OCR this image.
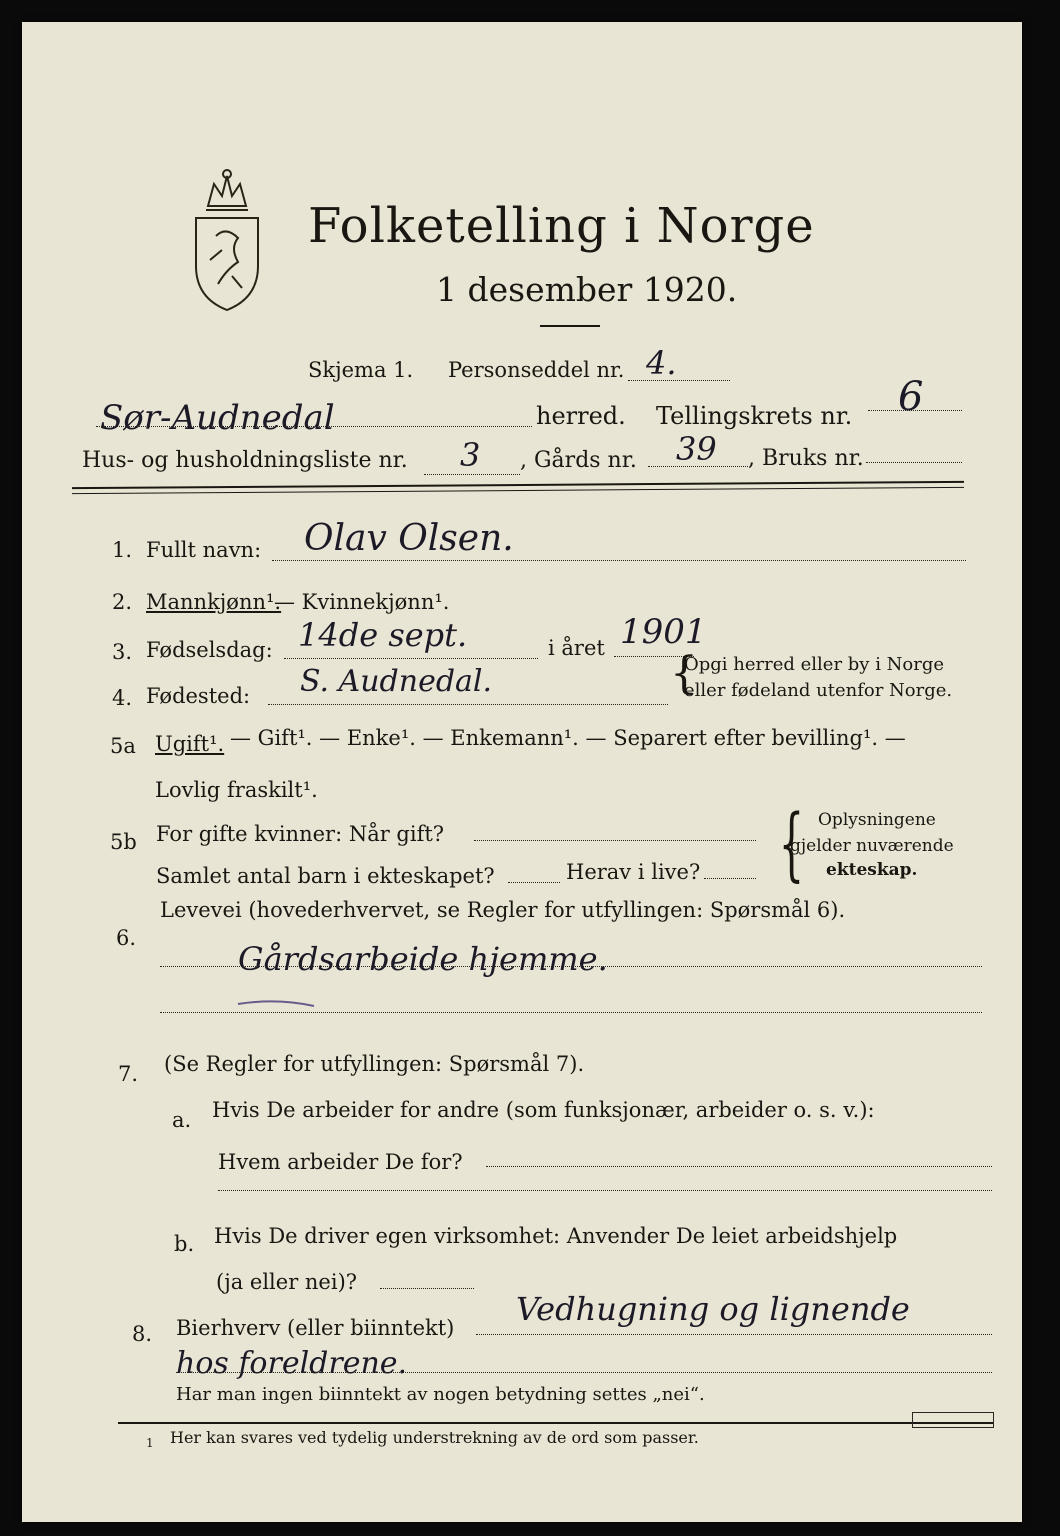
Folketelling i Norge
1 desember 1920.
Skjema 1. Personseddel nr. 4.
Sør-Audnedal	herred. Tellingskrets nr. 6
Hus- og husholdningsliste nr. 3 , Gårds nr. 39 , Bruks nr.
1. Fullt navn: Olav Olsen.
2. Mannkjønn¹.
— Kvinnekjønn¹.
3. Fødselsdag: 14de sept.	i året 1901
4. Fødested: S. Audnedal.	{
Opgi herred eller by i Norge
eller fødeland utenfor Norge.
5a Ugift¹. — Gift¹. — Enke¹. — Enkemann¹. — Separert efter bevilling¹. —
Lovlig fraskilt¹.
5b For gifte kvinner: Når gift?
Samlet antal barn i ekteskapet?	Herav i live? { Oplysningene
gjelder nuværende
ekteskap.
6.
Levevei (hovederhvervet, se Regler for utfyllingen: Spørsmål 6).
Gårdsarbeide hjemme.
7. (Se Regler for utfyllingen: Spørsmål 7).
a. Hvis De arbeider for andre (som funksjonær, arbeider o. s. v.):
Hvem arbeider De for?
b. Hvis De driver egen virksomhet: Anvender De leiet arbeidshjelp
(ja eller nei)?
8. Bierhverv (eller biinntekt) Vedhugning og lignende
hos foreldrene.
Har man ingen biinntekt av nogen betydning settes „nei“.
1 Her kan svares ved tydelig understrekning av de ord som passer.
